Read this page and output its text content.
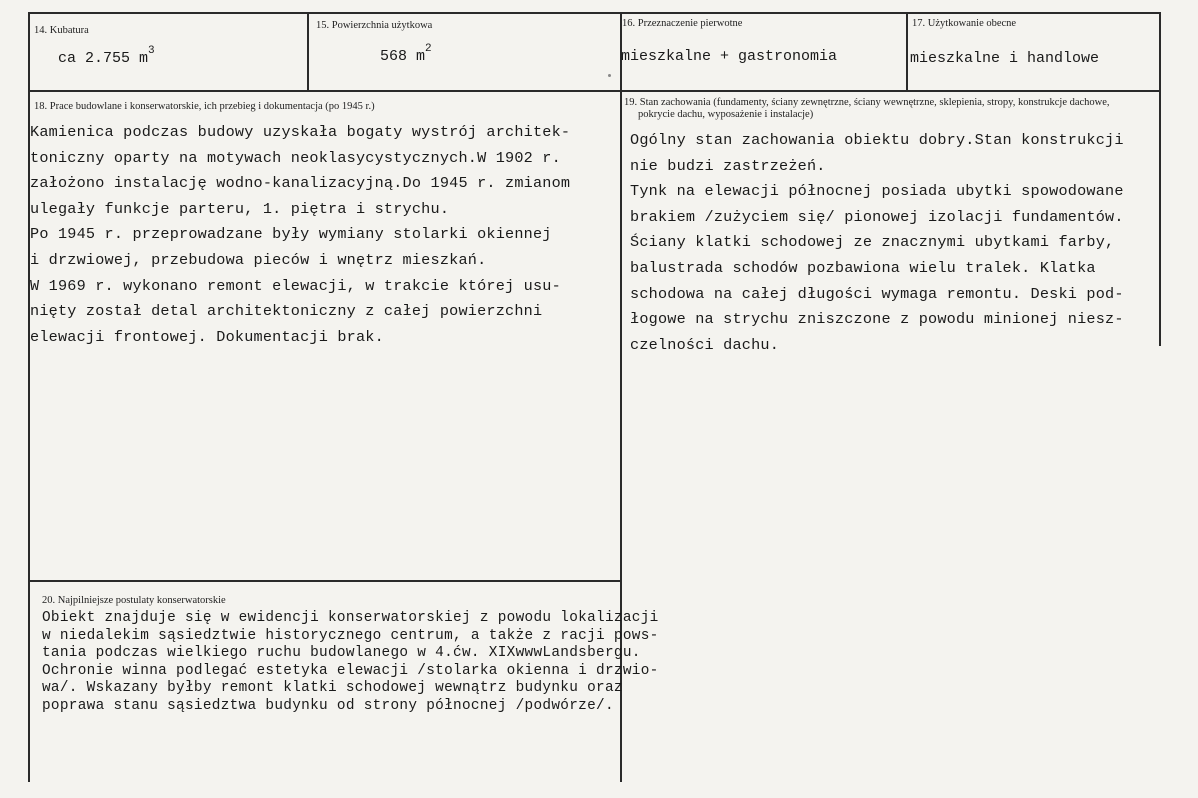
14. Kubatura
ca 2.755 $m^3$
15. Powierzchnia użytkowa
568 $m^2$
16. Przeznaczenie pierwotne
mieszkalne + gastronomia
17. Użytkowanie obecne
mieszkalne i handlowe
18. Prace budowlane i konserwatorskie, ich przebieg i dokumentacja (po 1945 r.)
Kamienica podczas budowy uzyskała bogaty wystrój architek-
toniczny oparty na motywach neoklasycystycznych.W 1902 r.
założono instalację wodno-kanalizacyjną.Do 1945 r. zmianom
ulegały funkcje parteru, 1. piętra i strychu.
Po 1945 r. przeprowadzane były wymiany stolarki okiennej
i drzwiowej, przebudowa pieców i wnętrz mieszkań.
W 1969 r. wykonano remont elewacji, w trakcie której usu-
nięty został detal architektoniczny z całej powierzchni
elewacji frontowej. Dokumentacji brak.
19. Stan zachowania (fundamenty, ściany zewnętrzne, ściany wewnętrzne, sklepienia, stropy, konstrukcje dachowe,
pokrycie dachu, wyposażenie i instalacje)
Ogólny stan zachowania obiektu dobry.Stan konstrukcji
nie budzi zastrzeżeń.
Tynk na elewacji północnej posiada ubytki spowodowane
brakiem /zużyciem się/ pionowej izolacji fundamentów.
Ściany klatki schodowej ze znacznymi ubytkami farby,
balustrada schodów pozbawiona wielu tralek. Klatka
schodowa na całej długości wymaga remontu. Deski pod-
łogowe na strychu zniszczone z powodu minionej niesz-
czelności dachu.
20. Najpilniejsze postulaty konserwatorskie
Obiekt znajduje się w ewidencji konserwatorskiej z powodu lokalizacji
w niedalekim sąsiedztwie historycznego centrum, a także z racji pows-
tania podczas wielkiego ruchu budowlanego w 4.ćw. XIXwwwLandsbergu.
Ochronie winna podlegać estetyka elewacji /stolarka okienna i drzwio-
wa/. Wskazany byłby remont klatki schodowej wewnątrz budynku oraz
poprawa stanu sąsiedztwa budynku od strony północnej /podwórze/.
